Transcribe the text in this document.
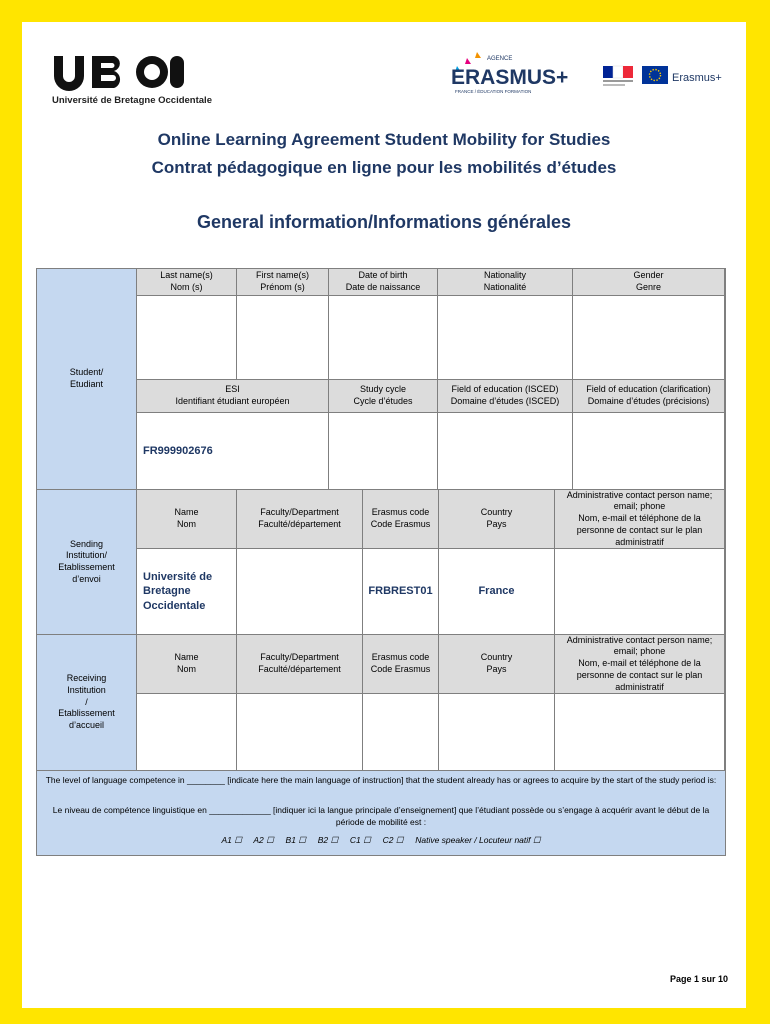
Université de Bretagne Occidentale
AGENCE
ERASMUS+
FRANCE / ÉDUCATION FORMATION
Erasmus+
Online Learning Agreement Student Mobility for Studies
Contrat pédagogique en ligne pour les mobilités d’études
General information/Informations générales
Student/
Etudiant
Last name(s)
Nom (s)
First name(s)
Prénom (s)
Date of birth
Date de naissance
Nationality
Nationalité
Gender
Genre
ESI
Identifiant étudiant européen
Study cycle
Cycle d’études
Field of education (ISCED)
Domaine d’études (ISCED)
Field of education (clarification)
Domaine d’études (précisions)
FR999902676
Sending
Institution/
Etablissement
d’envoi
Name
Nom
Faculty/Department
Faculté/département
Erasmus code
Code Erasmus
Country
Pays
Administrative contact person name; email; phone
Nom, e-mail et téléphone de la personne de contact sur le plan administratif
Université de Bretagne Occidentale
FRBREST01	France
Receiving
Institution
/
Etablissement
d’accueil
Name
Nom
Faculty/Department
Faculté/département
Erasmus code
Code Erasmus
Country
Pays
Administrative contact person name; email; phone
Nom, e-mail et téléphone de la personne de contact sur le plan administratif

The level of language competence in ________ [indicate here the main language of instruction] that the student already has or agrees to acquire by the start of the study period is:

Le niveau de compétence linguistique en _____________ [indiquer ici la langue principale d’enseignement] que l’étudiant possède ou s’engage à acquérir avant le début de la période de mobilité est :

A1 ☐     A2 ☐     B1 ☐     B2 ☐     C1 ☐     C2 ☐     Native speaker / Locuteur natif ☐

Page 1 sur 10
